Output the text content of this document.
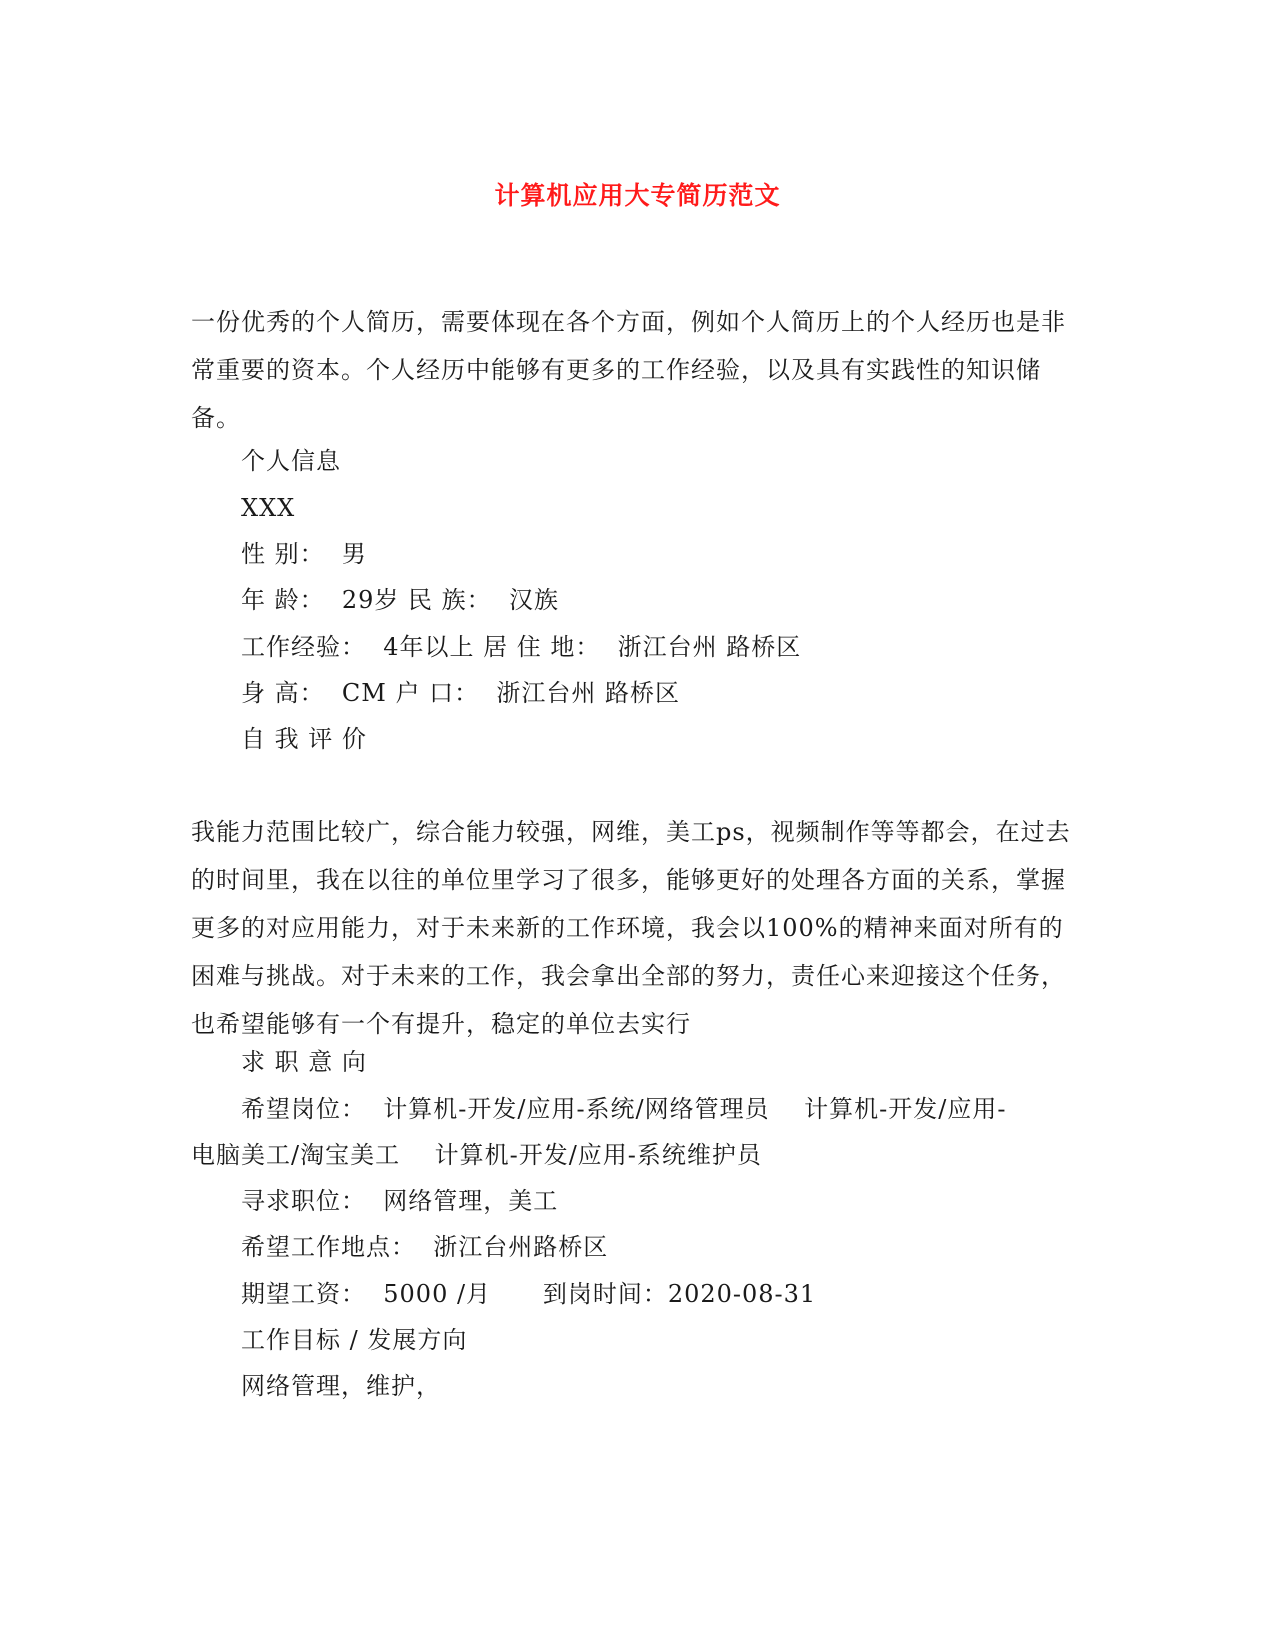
计算机应用大专简历范文

一份优秀的个人简历，需要体现在各个方面，例如个人简历上的个人经历也是非常重要的资本。个人经历中能够有更多的工作经验，以及具有实践性的知识储备。

个人信息
XXX
性 别：  男
年 龄：  29岁 民 族：  汉族
工作经验：  4年以上 居 住 地：  浙江台州 路桥区
身 高：  CM 户 口：  浙江台州 路桥区
自 我 评 价

我能力范围比较广，综合能力较强，网维，美工ps，视频制作等等都会，在过去的时间里，我在以往的单位里学习了很多，能够更好的处理各方面的关系，掌握更多的对应用能力，对于未来新的工作环境，我会以100%的精神来面对所有的困难与挑战。对于未来的工作，我会拿出全部的努力，责任心来迎接这个任务，也希望能够有一个有提升，稳定的单位去实行

求 职 意 向
希望岗位：  计算机-开发/应用-系统/网络管理员    计算机-开发/应用-
电脑美工/淘宝美工    计算机-开发/应用-系统维护员
寻求职位：  网络管理，美工
希望工作地点：  浙江台州路桥区
期望工资：  5000 /月      到岗时间：2020-08-31
工作目标 / 发展方向
网络管理，维护，
